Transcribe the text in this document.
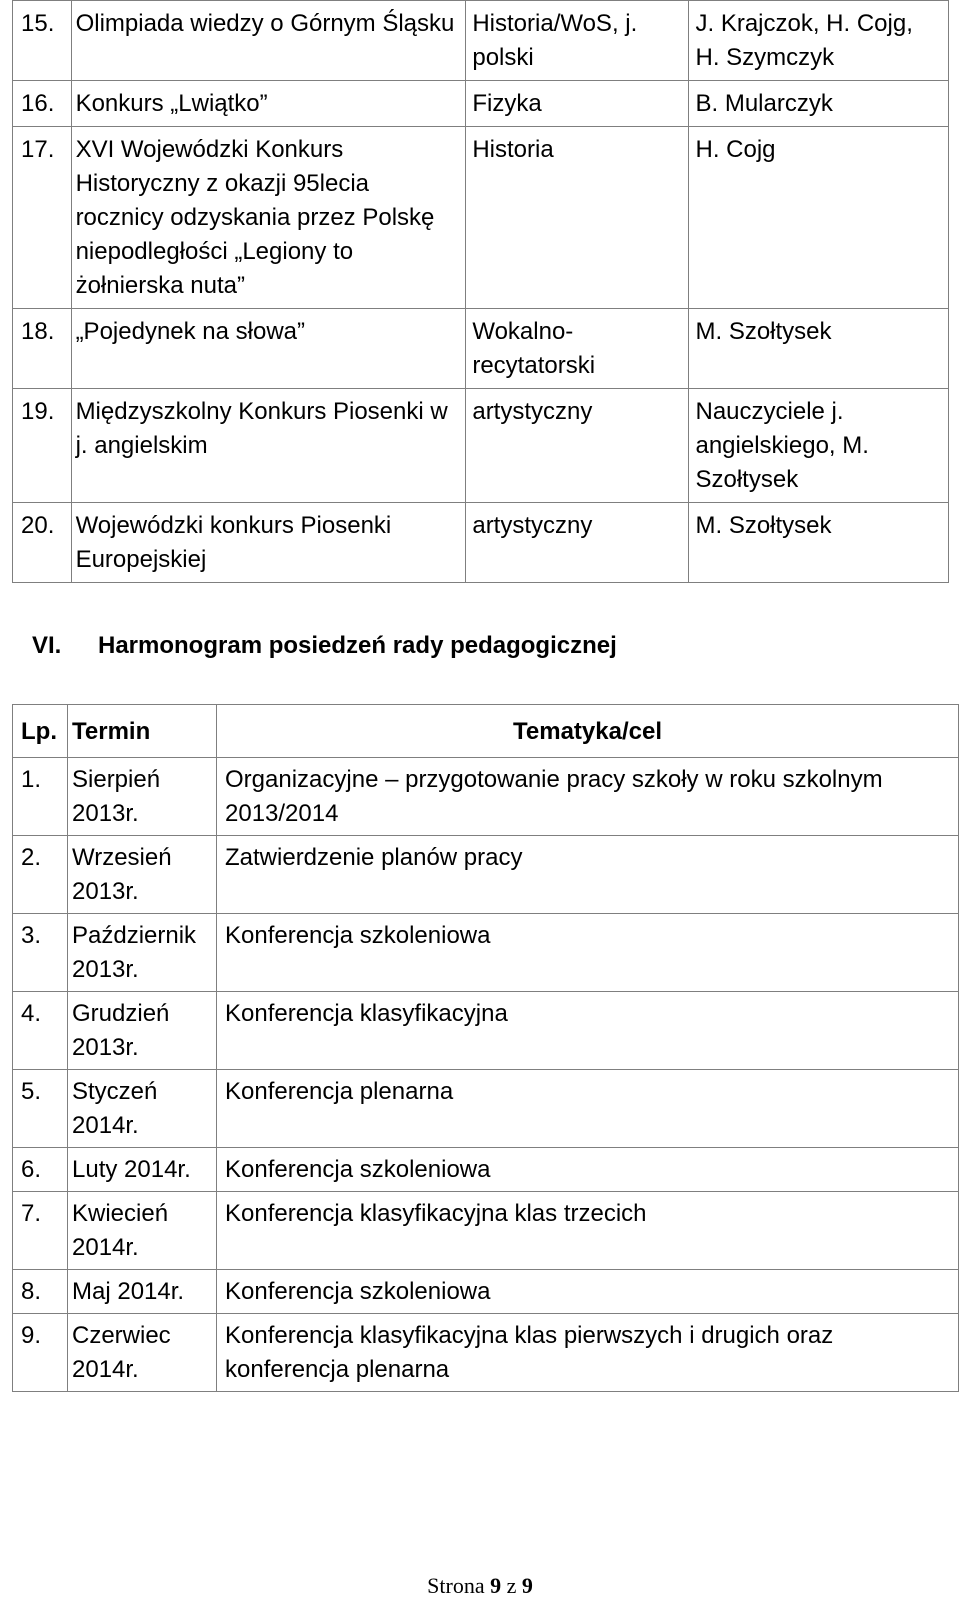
15.	Olimpiada wiedzy o Górnym Śląsku	Historia/WoS, j. polski	J. Krajczok, H. Cojg, H. Szymczyk
16.	Konkurs „Lwiątko”	Fizyka	B. Mularczyk
17.	XVI Wojewódzki Konkurs Historyczny z okazji 95lecia rocznicy odzyskania przez Polskę niepodległości „Legiony to żołnierska nuta”	Historia	H. Cojg
18.	„Pojedynek na słowa”	Wokalno-recytatorski	M. Szołtysek
19.	Międzyszkolny Konkurs Piosenki w j. angielskim	artystyczny	Nauczyciele j. angielskiego, M. Szołtysek
20.	Wojewódzki konkurs Piosenki Europejskiej	artystyczny	M. Szołtysek
VI. Harmonogram posiedzeń rady pedagogicznej
Lp.	Termin	Tematyka/cel
1.	Sierpień 2013r.	Organizacyjne – przygotowanie pracy szkoły w roku szkolnym 2013/2014
2.	Wrzesień 2013r.	Zatwierdzenie planów pracy
3.	Październik 2013r.	Konferencja szkoleniowa
4.	Grudzień 2013r.	Konferencja klasyfikacyjna
5.	Styczeń 2014r.	Konferencja plenarna
6.	Luty 2014r.	Konferencja szkoleniowa
7.	Kwiecień 2014r.	Konferencja klasyfikacyjna klas trzecich
8.	Maj 2014r.	Konferencja szkoleniowa
9.	Czerwiec 2014r.	Konferencja klasyfikacyjna klas pierwszych i drugich oraz konferencja plenarna
Strona 9 z 9
